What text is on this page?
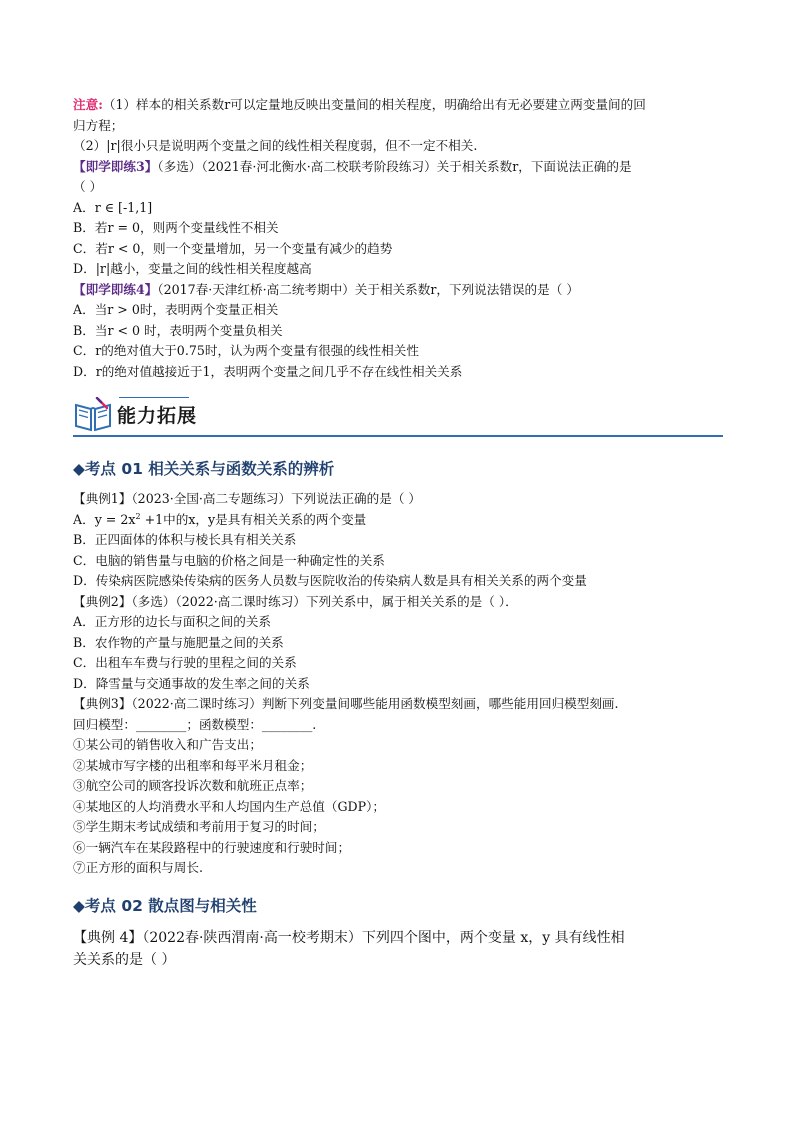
注意:（1）样本的相关系数r可以定量地反映出变量间的相关程度，明确给出有无必要建立两变量间的回
归方程；
（2）|r|很小只是说明两个变量之间的线性相关程度弱，但不一定不相关.
【即学即练3】（多选）（2021春·河北衡水·高二校联考阶段练习）关于相关系数r，下面说法正确的是
（ ）
A．r ∈ [-1,1]
B．若r = 0，则两个变量线性不相关
C．若r < 0，则一个变量增加，另一个变量有减少的趋势
D．|r|越小，变量之间的线性相关程度越高
【即学即练4】（2017春·天津红桥·高二统考期中）关于相关系数r，下列说法错误的是（ ）
A．当r > 0时，表明两个变量正相关
B．当r < 0 时，表明两个变量负相关
C．r的绝对值大于0.75时，认为两个变量有很强的线性相关性
D．r的绝对值越接近于1，表明两个变量之间几乎不存在线性相关关系
能力拓展
◆考点 01 相关关系与函数关系的辨析
【典例1】（2023·全国·高二专题练习）下列说法正确的是（ ）
A．$y = 2x^2 +1$中的x，y是具有相关关系的两个变量
B．正四面体的体积与棱长具有相关关系
C．电脑的销售量与电脑的价格之间是一种确定性的关系
D．传染病医院感染传染病的医务人员数与医院收治的传染病人数是具有相关关系的两个变量
【典例2】（多选）（2022·高二课时练习）下列关系中，属于相关关系的是（ ）．
A．正方形的边长与面积之间的关系
B．农作物的产量与施肥量之间的关系
C．出租车车费与行驶的里程之间的关系
D．降雪量与交通事故的发生率之间的关系
【典例3】（2022·高二课时练习）判断下列变量间哪些能用函数模型刻画，哪些能用回归模型刻画.
回归模型：________；函数模型：________.
①某公司的销售收入和广告支出；
②某城市写字楼的出租率和每平米月租金；
③航空公司的顾客投诉次数和航班正点率；
④某地区的人均消费水平和人均国内生产总值（GDP）；
⑤学生期末考试成绩和考前用于复习的时间；
⑥一辆汽车在某段路程中的行驶速度和行驶时间；
⑦正方形的面积与周长.
◆考点 02 散点图与相关性
【典例 4】（2022春·陕西渭南·高一校考期末）下列四个图中，两个变量 x，y 具有线性相
关关系的是（ ）
